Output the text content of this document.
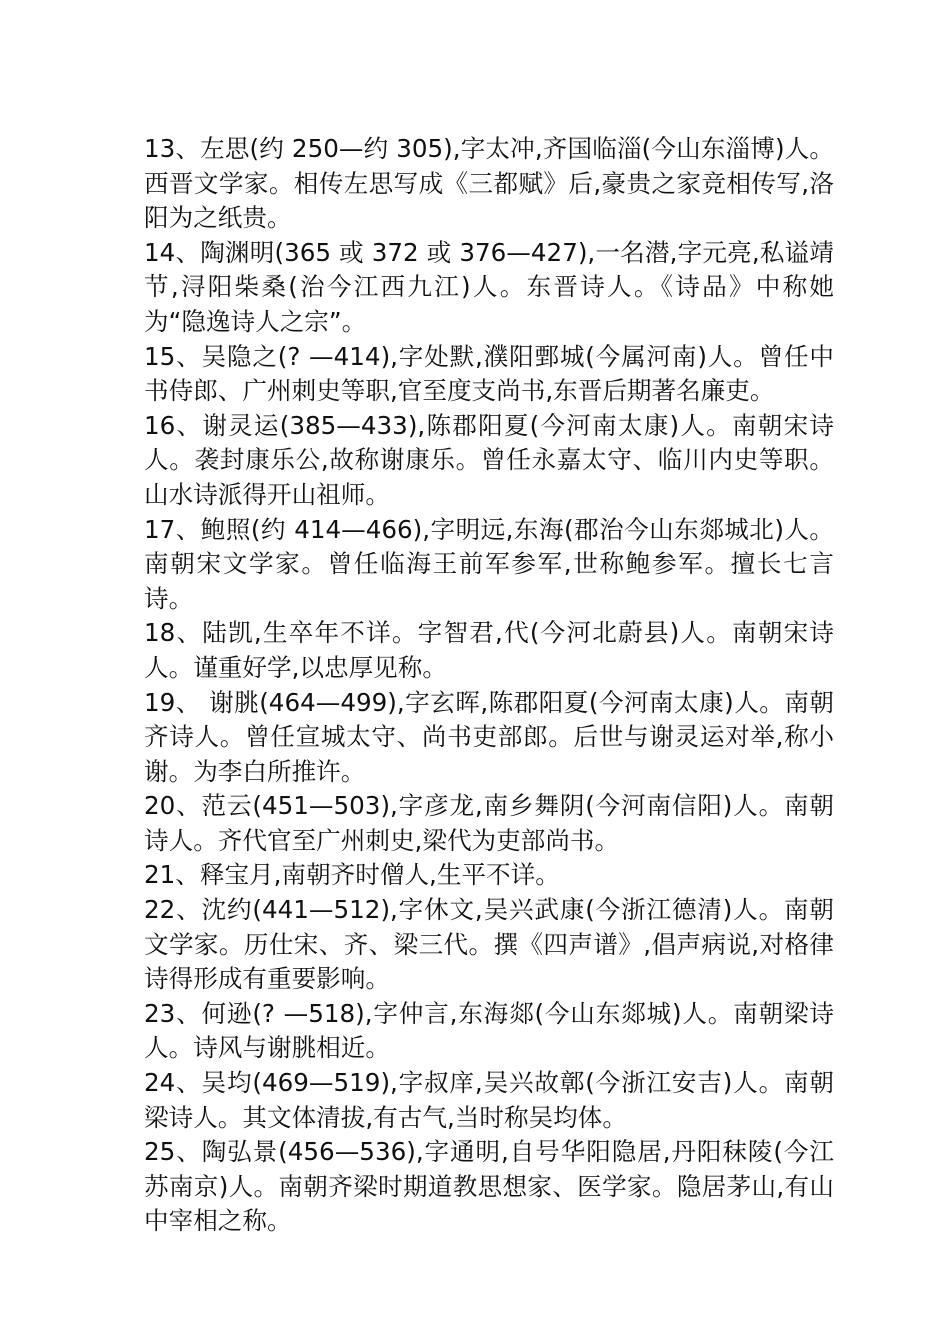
13、左思(约 250—约 305),字太冲,齐国临淄(今山东淄博)人。西晋文学家。相传左思写成《三都赋》后,豪贵之家竞相传写,洛阳为之纸贵。

14、陶渊明(365 或 372 或 376—427),一名潜,字元亮,私谥靖节,浔阳柴桑(治今江西九江)人。东晋诗人。《诗品》中称她为“隐逸诗人之宗”。

15、吴隐之(? —414),字处默,濮阳鄄城(今属河南)人。曾任中书侍郎、广州刺史等职,官至度支尚书,东晋后期著名廉吏。

16、谢灵运(385—433),陈郡阳夏(今河南太康)人。南朝宋诗人。袭封康乐公,故称谢康乐。曾任永嘉太守、临川内史等职。山水诗派得开山祖师。

17、鲍照(约 414—466),字明远,东海(郡治今山东郯城北)人。南朝宋文学家。曾任临海王前军参军,世称鲍参军。擅长七言诗。

18、陆凯,生卒年不详。字智君,代(今河北蔚县)人。南朝宋诗人。谨重好学,以忠厚见称。

19、 谢朓(464—499),字玄晖,陈郡阳夏(今河南太康)人。南朝齐诗人。曾任宣城太守、尚书吏部郎。后世与谢灵运对举,称小谢。为李白所推许。

20、范云(451—503),字彦龙,南乡舞阴(今河南信阳)人。南朝诗人。齐代官至广州刺史,梁代为吏部尚书。

21、释宝月,南朝齐时僧人,生平不详。

22、沈约(441—512),字休文,吴兴武康(今浙江德清)人。南朝文学家。历仕宋、齐、梁三代。撰《四声谱》,倡声病说,对格律诗得形成有重要影响。

23、何逊(? —518),字仲言,东海郯(今山东郯城)人。南朝梁诗人。诗风与谢朓相近。

24、吴均(469—519),字叔庠,吴兴故鄣(今浙江安吉)人。南朝梁诗人。其文体清拔,有古气,当时称吴均体。

25、陶弘景(456—536),字通明,自号华阳隐居,丹阳秣陵(今江苏南京)人。南朝齐梁时期道教思想家、医学家。隐居茅山,有山中宰相之称。
